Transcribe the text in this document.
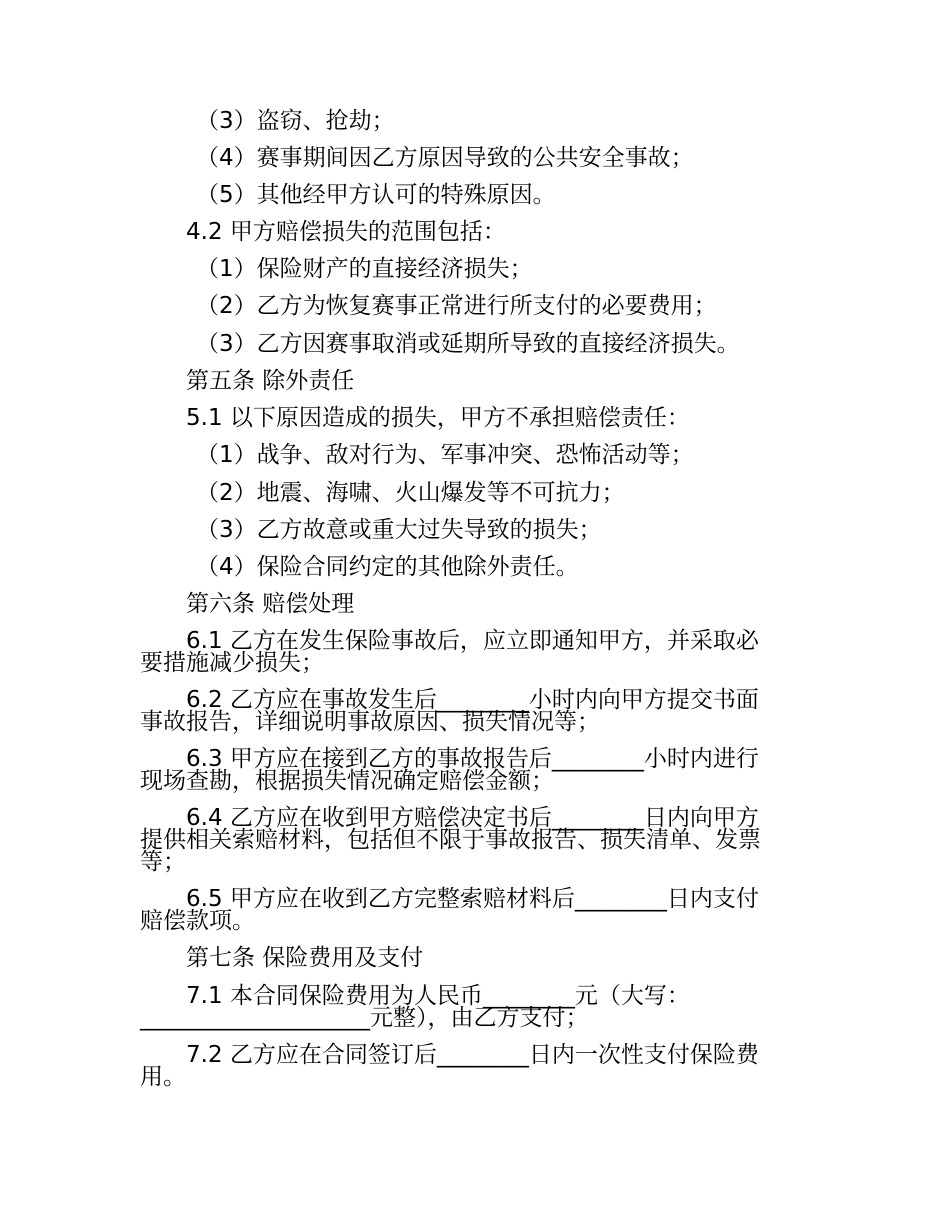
（3）盗窃、抢劫；
（4）赛事期间因乙方原因导致的公共安全事故；
（5）其他经甲方认可的特殊原因。
4.2 甲方赔偿损失的范围包括：
（1）保险财产的直接经济损失；
（2）乙方为恢复赛事正常进行所支付的必要费用；
（3）乙方因赛事取消或延期所导致的直接经济损失。
第五条 除外责任
5.1 以下原因造成的损失，甲方不承担赔偿责任：
（1）战争、敌对行为、军事冲突、恐怖活动等；
（2）地震、海啸、火山爆发等不可抗力；
（3）乙方故意或重大过失导致的损失；
（4）保险合同约定的其他除外责任。
第六条 赔偿处理
6.1 乙方在发生保险事故后，应立即通知甲方，并采取必
要措施减少损失；
6.2 乙方应在事故发生后________小时内向甲方提交书面
事故报告，详细说明事故原因、损失情况等；
6.3 甲方应在接到乙方的事故报告后________小时内进行
现场查勘，根据损失情况确定赔偿金额；
6.4 乙方应在收到甲方赔偿决定书后________日内向甲方
提供相关索赔材料，包括但不限于事故报告、损失清单、发票
等；
6.5 甲方应在收到乙方完整索赔材料后________日内支付
赔偿款项。
第七条 保险费用及支付
7.1 本合同保险费用为人民币________元（大写：
____________________元整），由乙方支付；
7.2 乙方应在合同签订后________日内一次性支付保险费
用。
